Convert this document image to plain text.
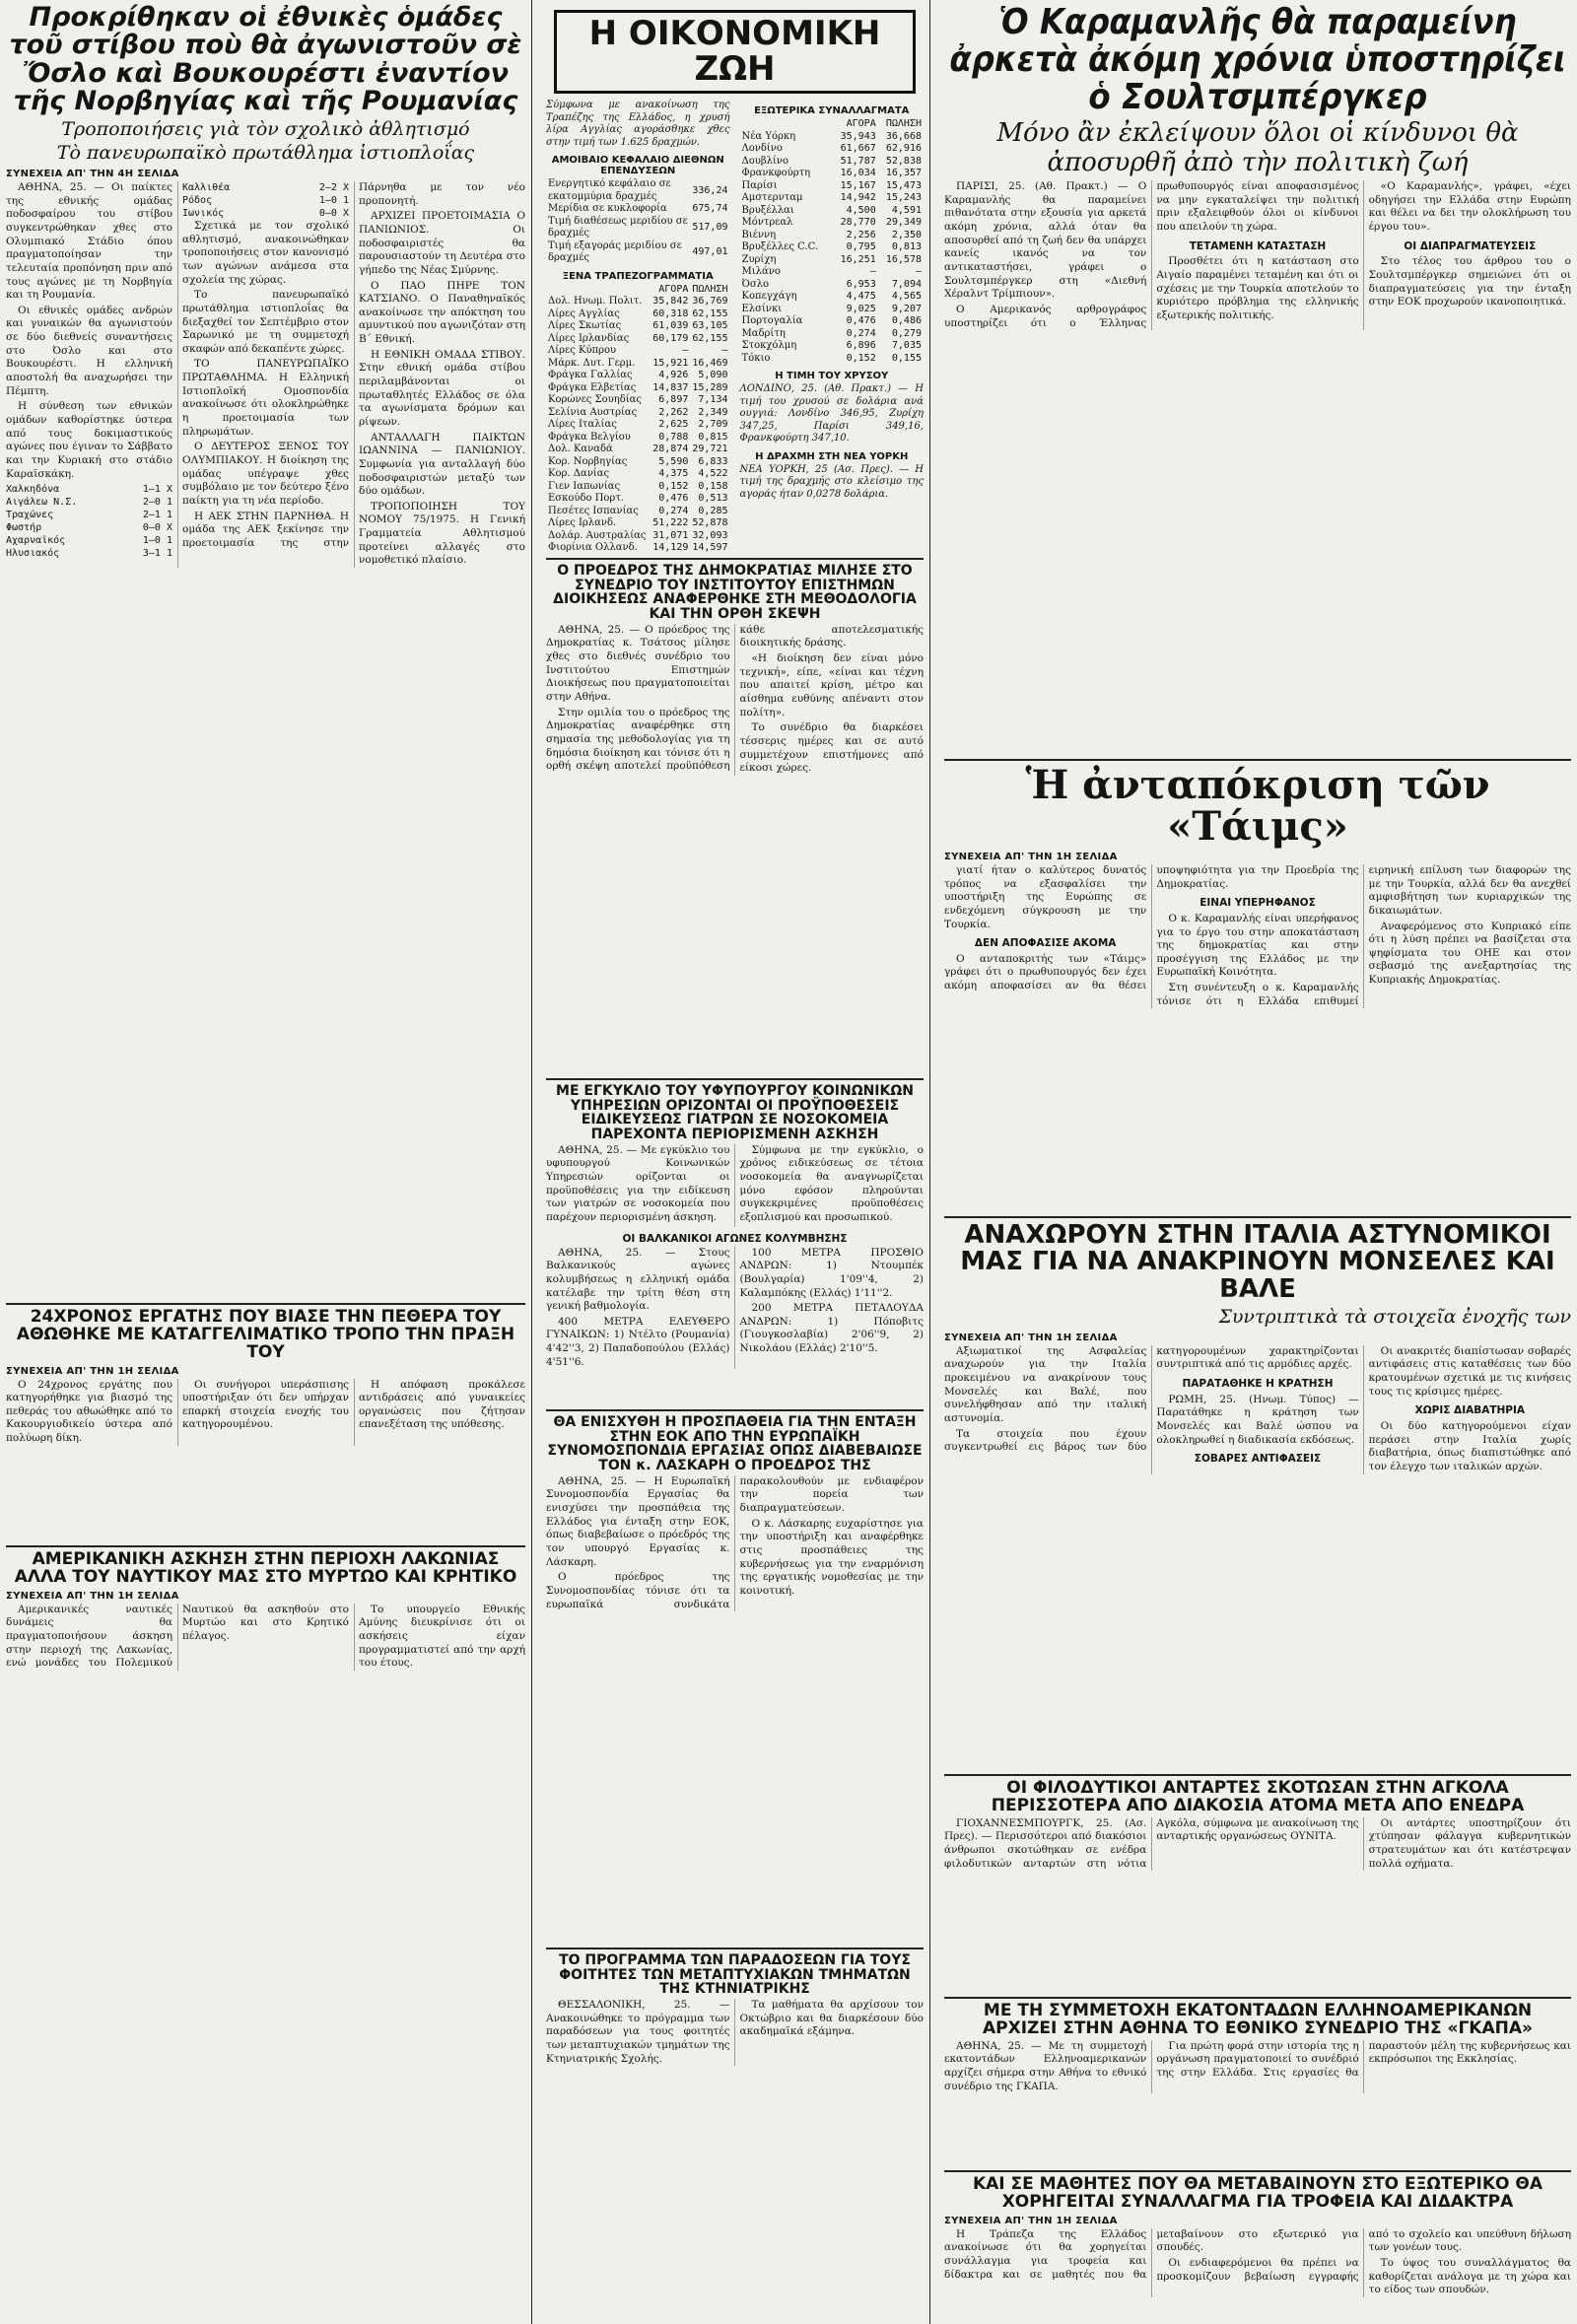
Προκρίθηκαν οἱ ἐθνικὲς ὁμάδες τοῦ στίβου ποὺ θὰ ἀγωνιστοῦν σὲ Ὄσλο καὶ Βουκουρέστι ἐναντίον τῆς Νορβηγίας καὶ τῆς Ρουμανίας
Τροποποιήσεις γιὰ τὸν σχολικὸ ἀθλητισμό
Τὸ πανευρωπαϊκὸ πρωτάθλημα ἱστιοπλοΐας
ΣΥΝΕΧΕΙΑ ΑΠ' ΤΗΝ 4Η ΣΕΛΙΔΑ

ΑΘΗΝΑ, 25. — Οι παίκτες της εθνικής ομάδας ποδοσφαίρου του στίβου συγκεντρώθηκαν χθες στο Ολυμπιακό Στάδιο όπου πραγματοποίησαν την τελευταία προπόνηση πριν από τους αγώνες με τη Νορβηγία και τη Ρουμανία.

Οι εθνικές ομάδες ανδρών και γυναικών θα αγωνιστούν σε δύο διεθνείς συναντήσεις στο Όσλο και στο Βουκουρέστι. Η ελληνική αποστολή θα αναχωρήσει την Πέμπτη.

Η σύνθεση των εθνικών ομάδων καθορίστηκε ύστερα από τους δοκιμαστικούς αγώνες που έγιναν το Σάββατο και την Κυριακή στο στάδιο Καραϊσκάκη.

Χαλκηδόνα	1—1 Χ
Αιγάλεω Ν.Σ.	2—0 1
Τραχώνες	2—1 1
Φωστήρ	0—0 Χ
Αχαρναϊκός	1—0 1
Ηλυσιακός	3—1 1
Καλλιθέα	2—2 Χ
Ρόδος	1—0 1
Ιωνικός	0—0 Χ

Σχετικά με τον σχολικό αθλητισμό, ανακοινώθηκαν τροποποιήσεις στον κανονισμό των αγώνων ανάμεσα στα σχολεία της χώρας.

Το πανευρωπαϊκό πρωτάθλημα ιστιοπλοΐας θα διεξαχθεί τον Σεπτέμβριο στον Σαρωνικό με τη συμμετοχή σκαφών από δεκαπέντε χώρες.

ΤΟ ΠΑΝΕΥΡΩΠΑΪΚΟ ΠΡΩΤΑΘΛΗΜΑ. Η Ελληνική Ιστιοπλοϊκή Ομοσπονδία ανακοίνωσε ότι ολοκληρώθηκε η προετοιμασία των πληρωμάτων.

Ο ΔΕΥΤΕΡΟΣ ΞΕΝΟΣ ΤΟΥ ΟΛΥΜΠΙΑΚΟΥ. Η διοίκηση της ομάδας υπέγραψε χθες συμβόλαιο με τον δεύτερο ξένο παίκτη για τη νέα περίοδο.

Η ΑΕΚ ΣΤΗΝ ΠΑΡΝΗΘΑ. Η ομάδα της ΑΕΚ ξεκίνησε την προετοιμασία της στην Πάρνηθα με τον νέο προπονητή.

ΑΡΧΙΖΕΙ ΠΡΟΕΤΟΙΜΑΣΙΑ Ο ΠΑΝΙΩΝΙΟΣ. Οι ποδοσφαιριστές θα παρουσιαστούν τη Δευτέρα στο γήπεδο της Νέας Σμύρνης.

Ο ΠΑΟ ΠΗΡΕ ΤΟΝ ΚΑΤΣΙΑΝΟ. Ο Παναθηναϊκός ανακοίνωσε την απόκτηση του αμυντικού που αγωνιζόταν στη Β΄ Εθνική.

Η ΕΘΝΙΚΗ ΟΜΑΔΑ ΣΤΙΒΟΥ. Στην εθνική ομάδα στίβου περιλαμβάνονται οι πρωταθλητές Ελλάδος σε όλα τα αγωνίσματα δρόμων και ρίψεων.

ΑΝΤΑΛΛΑΓΗ ΠΑΙΚΤΩΝ ΙΩΑΝΝΙΝΑ — ΠΑΝΙΩΝΙΟΥ. Συμφωνία για ανταλλαγή δύο ποδοσφαιριστών μεταξύ των δύο ομάδων.

ΤΡΟΠΟΠΟΙΗΣΗ ΤΟΥ ΝΟΜΟΥ 75/1975. Η Γενική Γραμματεία Αθλητισμού προτείνει αλλαγές στο νομοθετικό πλαίσιο.

24ΧΡΟΝΟΣ ΕΡΓΑΤΗΣ ΠΟΥ ΒΙΑΣΕ ΤΗΝ ΠΕΘΕΡΑ ΤΟΥ ΑΘΩΘΗΚΕ ΜΕ ΚΑΤΑΓΓΕΛΙΜΑΤΙΚΟ ΤΡΟΠΟ ΤΗΝ ΠΡΑΞΗ ΤΟΥ
ΣΥΝΕΧΕΙΑ ΑΠ' ΤΗΝ 1Η ΣΕΛΙΔΑ

Ο 24χρονος εργάτης που κατηγορήθηκε για βιασμό της πεθεράς του αθωώθηκε από το Κακουργιοδικείο ύστερα από πολύωρη δίκη.

Οι συνήγοροι υπεράσπισης υποστήριξαν ότι δεν υπήρχαν επαρκή στοιχεία ενοχής του κατηγορουμένου.

Η απόφαση προκάλεσε αντιδράσεις από γυναικείες οργανώσεις που ζήτησαν επανεξέταση της υπόθεσης.

ΑΜΕΡΙΚΑΝΙΚΗ ΑΣΚΗΣΗ ΣΤΗΝ ΠΕΡΙΟΧΗ ΛΑΚΩΝΙΑΣ ΑΛΛΑ ΤΟΥ ΝΑΥΤΙΚΟΥ ΜΑΣ ΣΤΟ ΜΥΡΤΩΟ ΚΑΙ ΚΡΗΤΙΚΟ
ΣΥΝΕΧΕΙΑ ΑΠ' ΤΗΝ 1Η ΣΕΛΙΔΑ

Αμερικανικές ναυτικές δυνάμεις θα πραγματοποιήσουν άσκηση στην περιοχή της Λακωνίας, ενώ μονάδες του Πολεμικού Ναυτικού θα ασκηθούν στο Μυρτώο και στο Κρητικό πέλαγος.

Το υπουργείο Εθνικής Αμύνης διευκρίνισε ότι οι ασκήσεις είχαν προγραμματιστεί από την αρχή του έτους.

Η ΟΙΚΟΝΟΜΙΚΗ ΖΩΗ
Σύμφωνα με ανακοίνωση της Τραπέζης της Ελλάδος, η χρυσή λίρα Αγγλίας αγοράσθηκε χθες στην τιμή των 1.625 δραχμών.
ΑΜΟΙΒΑΙΟ ΚΕΦΑΛΑΙΟ ΔΙΕΘΝΩΝ ΕΠΕΝΔΥΣΕΩΝ
Ενεργητικό κεφάλαιο σε εκατομμύρια δραχμές	336,24
Μερίδια σε κυκλοφορία	675,74
Τιμή διαθέσεως μεριδίου σε δραχμές	517,09
Τιμή εξαγοράς μεριδίου σε δραχμές	497,01
ΞΕΝΑ ΤΡΑΠΕΖΟΓΡΑΜΜΑΤΙΑ
	ΑΓΟΡΑ	ΠΩΛΗΣΗ
Δολ. Ηνωμ. Πολιτ.	35,842	36,769
Λίρες Αγγλίας	60,318	62,155
Λίρες Σκωτίας	61,039	63,105
Λίρες Ιρλανδίας	60,179	62,155
Λίρες Κύπρου	—	—
Μάρκ. Δυτ. Γερμ.	15,921	16,469
Φράγκα Γαλλίας	4,926	5,090
Φράγκα Ελβετίας	14,837	15,289
Κορώνες Σουηδίας	6,897	7,134
Σελίνια Αυστρίας	2,262	2,349
Λίρες Ιταλίας	2,625	2,709
Φράγκα Βελγίου	0,788	0,815
Δολ. Καναδά	28,874	29,721
Κορ. Νορβηγίας	5,590	6,833
Κορ. Δανίας	4,375	4,522
Γιεν Ιαπωνίας	0,152	0,158
Εσκούδο Πορτ.	0,476	0,513
Πεσέτες Ισπανίας	0,274	0,285
Λίρες Ιρλανδ.	51,222	52,878
Δολάρ. Αυστραλίας	31,071	32,093
Φιορίνια Ολλανδ.	14,129	14,597

ΕΞΩΤΕΡΙΚΑ ΣΥΝΑΛΛΑΓΜΑΤΑ
	ΑΓΟΡΑ	ΠΩΛΗΣΗ
Νέα Υόρκη	35,943	36,668
Λονδίνο	61,667	62,916
Δουβλίνο	51,787	52,838
Φρανκφούρτη	16,034	16,357
Παρίσι	15,167	15,473
Αμστερνταμ	14,942	15,243
Βρυξέλλαι	4,500	4,591
Μόντρεαλ	28,770	29,349
Βιέννη	2,256	2,350
Βρυξέλλες C.C.	0,795	0,813
Ζυρίχη	16,251	16,578
Μιλάνο	—	—
Όσλο	6,953	7,094
Κοπεγχάγη	4,475	4,565
Ελσίνκι	9,025	9,207
Πορτογαλία	0,476	0,486
Μαδρίτη	0,274	0,279
Στοκχόλμη	6,896	7,035
Τόκιο	0,152	0,155
Η ΤΙΜΗ ΤΟΥ ΧΡΥΣΟΥ
ΛΟΝΔΙΝΟ, 25. (Αθ. Πρακτ.) — Η τιμή του χρυσού σε δολάρια ανά ουγγιά: Λονδίνο 346,95, Ζυρίχη 347,25, Παρίσι 349,16, Φρανκφούρτη 347,10.
Η ΔΡΑΧΜΗ ΣΤΗ ΝΕΑ ΥΟΡΚΗ
ΝΕΑ ΥΟΡΚΗ, 25 (Ασ. Πρες). — Η τιμή της δραχμής στο κλείσιμο της αγοράς ήταν 0,0278 δολάρια.
Ο ΠΡΟΕΔΡΟΣ ΤΗΣ ΔΗΜΟΚΡΑΤΙΑΣ ΜΙΛΗΣΕ ΣΤΟ ΣΥΝΕΔΡΙΟ ΤΟΥ ΙΝΣΤΙΤΟΥΤΟΥ ΕΠΙΣΤΗΜΩΝ ΔΙΟΙΚΗΣΕΩΣ ΑΝΑΦΕΡΘΗΚΕ ΣΤΗ ΜΕΘΟΔΟΛΟΓΙΑ ΚΑΙ ΤΗΝ ΟΡΘΗ ΣΚΕΨΗ

ΑΘΗΝΑ, 25. — Ο πρόεδρος της Δημοκρατίας κ. Τσάτσος μίλησε χθες στο διεθνές συνέδριο του Ινστιτούτου Επιστημών Διοικήσεως που πραγματοποιείται στην Αθήνα.

Στην ομιλία του ο πρόεδρος της Δημοκρατίας αναφέρθηκε στη σημασία της μεθοδολογίας για τη δημόσια διοίκηση και τόνισε ότι η ορθή σκέψη αποτελεί προϋπόθεση κάθε αποτελεσματικής διοικητικής δράσης.

«Η διοίκηση δεν είναι μόνο τεχνική», είπε, «είναι και τέχνη που απαιτεί κρίση, μέτρο και αίσθημα ευθύνης απέναντι στον πολίτη».

Το συνέδριο θα διαρκέσει τέσσερις ημέρες και σε αυτό συμμετέχουν επιστήμονες από είκοσι χώρες.

ΜΕ ΕΓΚΥΚΛΙΟ ΤΟΥ ΥΦΥΠΟΥΡΓΟΥ ΚΟΙΝΩΝΙΚΩΝ ΥΠΗΡΕΣΙΩΝ ΟΡΙΖΟΝΤΑΙ ΟΙ ΠΡΟΫΠΟΘΕΣΕΙΣ ΕΙΔΙΚΕΥΣΕΩΣ ΓΙΑΤΡΩΝ ΣΕ ΝΟΣΟΚΟΜΕΙΑ ΠΑΡΕΧΟΝΤΑ ΠΕΡΙΟΡΙΣΜΕΝΗ ΑΣΚΗΣΗ

ΑΘΗΝΑ, 25. — Με εγκύκλιο του υφυπουργού Κοινωνικών Υπηρεσιών ορίζονται οι προϋποθέσεις για την ειδίκευση των γιατρών σε νοσοκομεία που παρέχουν περιορισμένη άσκηση.

Σύμφωνα με την εγκύκλιο, ο χρόνος ειδικεύσεως σε τέτοια νοσοκομεία θα αναγνωρίζεται μόνο εφόσον πληρούνται συγκεκριμένες προϋποθέσεις εξοπλισμού και προσωπικού.

ΟΙ ΒΑΛΚΑΝΙΚΟΙ ΑΓΩΝΕΣ ΚΟΛΥΜΒΗΣΗΣ

ΑΘΗΝΑ, 25. — Στους Βαλκανικούς αγώνες κολυμβήσεως η ελληνική ομάδα κατέλαβε την τρίτη θέση στη γενική βαθμολογία.

400 ΜΕΤΡΑ ΕΛΕΥΘΕΡΟ ΓΥΝΑΙΚΩΝ: 1) Ντέλτο (Ρουμανία) 4'42''3, 2) Παπαδοπούλου (Ελλάς) 4'51''6.

100 ΜΕΤΡΑ ΠΡΟΣΘΙΟ ΑΝΔΡΩΝ: 1) Ντουμπέκ (Βουλγαρία) 1'09''4, 2) Καλαμπόκης (Ελλάς) 1'11''2.

200 ΜΕΤΡΑ ΠΕΤΑΛΟΥΔΑ ΑΝΔΡΩΝ: 1) Πόποβιτς (Γιουγκοσλαβία) 2'06''9, 2) Νικολάου (Ελλάς) 2'10''5.

ΘΑ ΕΝΙΣΧΥΘΗ Η ΠΡΟΣΠΑΘΕΙΑ ΓΙΑ ΤΗΝ ΕΝΤΑΞΗ ΣΤΗΝ ΕΟΚ ΑΠΟ ΤΗΝ ΕΥΡΩΠΑΪΚΗ ΣΥΝΟΜΟΣΠΟΝΔΙΑ ΕΡΓΑΣΙΑΣ ΟΠΩΣ ΔΙΑΒΕΒΑΙΩΣΕ ΤΟΝ κ. ΛΑΣΚΑΡΗ Ο ΠΡΟΕΔΡΟΣ ΤΗΣ

ΑΘΗΝΑ, 25. — Η Ευρωπαϊκή Συνομοσπονδία Εργασίας θα ενισχύσει την προσπάθεια της Ελλάδος για ένταξη στην ΕΟΚ, όπως διαβεβαίωσε ο πρόεδρός της τον υπουργό Εργασίας κ. Λάσκαρη.

Ο πρόεδρος της Συνομοσπονδίας τόνισε ότι τα ευρωπαϊκά συνδικάτα παρακολουθούν με ενδιαφέρον την πορεία των διαπραγματεύσεων.

Ο κ. Λάσκαρης ευχαρίστησε για την υποστήριξη και αναφέρθηκε στις προσπάθειες της κυβερνήσεως για την εναρμόνιση της εργατικής νομοθεσίας με την κοινοτική.

ΤΟ ΠΡΟΓΡΑΜΜΑ ΤΩΝ ΠΑΡΑΔΟΣΕΩΝ ΓΙΑ ΤΟΥΣ ΦΟΙΤΗΤΕΣ ΤΩΝ ΜΕΤΑΠΤΥΧΙΑΚΩΝ ΤΜΗΜΑΤΩΝ ΤΗΣ ΚΤΗΝΙΑΤΡΙΚΗΣ

ΘΕΣΣΑΛΟΝΙΚΗ, 25. — Ανακοινώθηκε το πρόγραμμα των παραδόσεων για τους φοιτητές των μεταπτυχιακών τμημάτων της Κτηνιατρικής Σχολής.

Τα μαθήματα θα αρχίσουν τον Οκτώβριο και θα διαρκέσουν δύο ακαδημαϊκά εξάμηνα.

Ὁ Καραμανλῆς θὰ παραμείνη ἀρκετὰ ἀκόμη χρόνια ὑποστηρίζει ὁ Σουλτσμπέργκερ
Μόνο ἂν ἐκλείψουν ὅλοι οἱ κίνδυνοι θὰ ἀποσυρθῆ ἀπὸ τὴν πολιτικὴ ζωή

ΠΑΡΙΣΙ, 25. (Αθ. Πρακτ.) — Ο Καραμανλής θα παραμείνει πιθανότατα στην εξουσία για αρκετά ακόμη χρόνια, αλλά όταν θα αποσυρθεί από τη ζωή δεν θα υπάρχει κανείς ικανός να τον αντικαταστήσει, γράφει ο Σουλτσμπέργκερ στη «Διεθνή Χέραλντ Τρίμπιουν».

Ο Αμερικανός αρθρογράφος υποστηρίζει ότι ο Έλληνας πρωθυπουργός είναι αποφασισμένος να μην εγκαταλείψει την πολιτική πριν εξαλειφθούν όλοι οι κίνδυνοι που απειλούν τη χώρα.

ΤΕΤΑΜΕΝΗ ΚΑΤΑΣΤΑΣΗ

Προσθέτει ότι η κατάσταση στο Αιγαίο παραμένει τεταμένη και ότι οι σχέσεις με την Τουρκία αποτελούν το κυριότερο πρόβλημα της ελληνικής εξωτερικής πολιτικής.

«Ο Καραμανλής», γράφει, «έχει οδηγήσει την Ελλάδα στην Ευρώπη και θέλει να δει την ολοκλήρωση του έργου του».

ΟΙ ΔΙΑΠΡΑΓΜΑΤΕΥΣΕΙΣ

Στο τέλος του άρθρου του ο Σουλτσμπέργκερ σημειώνει ότι οι διαπραγματεύσεις για την ένταξη στην ΕΟΚ προχωρούν ικανοποιητικά.

Ἡ ἀνταπόκριση τῶν «Τάιμς»
ΣΥΝΕΧΕΙΑ ΑΠ' ΤΗΝ 1Η ΣΕΛΙΔΑ

γιατί ήταν ο καλύτερος δυνατός τρόπος να εξασφαλίσει την υποστήριξη της Ευρώπης σε ενδεχόμενη σύγκρουση με την Τουρκία.

ΔΕΝ ΑΠΟΦΑΣΙΣΕ ΑΚΟΜΑ

Ο ανταποκριτής των «Τάιμς» γράφει ότι ο πρωθυπουργός δεν έχει ακόμη αποφασίσει αν θα θέσει υποψηφιότητα για την Προεδρία της Δημοκρατίας.

ΕΙΝΑΙ ΥΠΕΡΗΦΑΝΟΣ

Ο κ. Καραμανλής είναι υπερήφανος για το έργο του στην αποκατάσταση της δημοκρατίας και στην προσέγγιση της Ελλάδος με την Ευρωπαϊκή Κοινότητα.

Στη συνέντευξη ο κ. Καραμανλής τόνισε ότι η Ελλάδα επιθυμεί ειρηνική επίλυση των διαφορών της με την Τουρκία, αλλά δεν θα ανεχθεί αμφισβήτηση των κυριαρχικών της δικαιωμάτων.

Αναφερόμενος στο Κυπριακό είπε ότι η λύση πρέπει να βασίζεται στα ψηφίσματα του ΟΗΕ και στον σεβασμό της ανεξαρτησίας της Κυπριακής Δημοκρατίας.

ΑΝΑΧΩΡΟΥΝ ΣΤΗΝ ΙΤΑΛΙΑ ΑΣΤΥΝΟΜΙΚΟΙ ΜΑΣ ΓΙΑ ΝΑ ΑΝΑΚΡΙΝΟΥΝ ΜΟΝΣΕΛΕΣ ΚΑΙ ΒΑΛΕ
Συντριπτικὰ τὰ στοιχεῖα ἐνοχῆς των
ΣΥΝΕΧΕΙΑ ΑΠ' ΤΗΝ 1Η ΣΕΛΙΔΑ

Αξιωματικοί της Ασφαλείας αναχωρούν για την Ιταλία προκειμένου να ανακρίνουν τους Μονσελές και Βαλέ, που συνελήφθησαν από την ιταλική αστυνομία.

Τα στοιχεία που έχουν συγκεντρωθεί εις βάρος των δύο κατηγορουμένων χαρακτηρίζονται συντριπτικά από τις αρμόδιες αρχές.

ΠΑΡΑΤΑΘΗΚΕ Η ΚΡΑΤΗΣΗ

ΡΩΜΗ, 25. (Ηνωμ. Τύπος) — Παρατάθηκε η κράτηση των Μονσελές και Βαλέ ώσπου να ολοκληρωθεί η διαδικασία εκδόσεως.

ΣΟΒΑΡΕΣ ΑΝΤΙΦΑΣΕΙΣ

Οι ανακριτές διαπίστωσαν σοβαρές αντιφάσεις στις καταθέσεις των δύο κρατουμένων σχετικά με τις κινήσεις τους τις κρίσιμες ημέρες.

ΧΩΡΙΣ ΔΙΑΒΑΤΗΡΙΑ

Οι δύο κατηγορούμενοι είχαν περάσει στην Ιταλία χωρίς διαβατήρια, όπως διαπιστώθηκε από τον έλεγχο των ιταλικών αρχών.

ΟΙ ΦΙΛΟΔΥΤΙΚΟΙ ΑΝΤΑΡΤΕΣ ΣΚΟΤΩΣΑΝ ΣΤΗΝ ΑΓΚΟΛΑ ΠΕΡΙΣΣΟΤΕΡΑ ΑΠΟ ΔΙΑΚΟΣΙΑ ΑΤΟΜΑ ΜΕΤΑ ΑΠΟ ΕΝΕΔΡΑ

ΓΙΟΧΑΝΝΕΣΜΠΟΥΡΓΚ, 25. (Ασ. Πρες). — Περισσότεροι από διακόσιοι άνθρωποι σκοτώθηκαν σε ενέδρα φιλοδυτικών ανταρτών στη νότια Αγκόλα, σύμφωνα με ανακοίνωση της ανταρτικής οργανώσεως ΟΥΝΙΤΑ.

Οι αντάρτες υποστηρίζουν ότι χτύπησαν φάλαγγα κυβερνητικών στρατευμάτων και ότι κατέστρεψαν πολλά οχήματα.

ΜΕ ΤΗ ΣΥΜΜΕΤΟΧΗ ΕΚΑΤΟΝΤΑΔΩΝ ΕΛΛΗΝΟΑΜΕΡΙΚΑΝΩΝ ΑΡΧΙΖΕΙ ΣΤΗΝ ΑΘΗΝΑ ΤΟ ΕΘΝΙΚΟ ΣΥΝΕΔΡΙΟ ΤΗΣ «ΓΚΑΠΑ»

ΑΘΗΝΑ, 25. — Με τη συμμετοχή εκατοντάδων Ελληνοαμερικανών αρχίζει σήμερα στην Αθήνα το εθνικό συνέδριο της ΓΚΑΠΑ.

Για πρώτη φορά στην ιστορία της η οργάνωση πραγματοποιεί το συνέδριό της στην Ελλάδα. Στις εργασίες θα παραστούν μέλη της κυβερνήσεως και εκπρόσωποι της Εκκλησίας.

ΚΑΙ ΣΕ ΜΑΘΗΤΕΣ ΠΟΥ ΘΑ ΜΕΤΑΒΑΙΝΟΥΝ ΣΤΟ ΕΞΩΤΕΡΙΚΟ ΘΑ ΧΟΡΗΓΕΙΤΑΙ ΣΥΝΑΛΛΑΓΜΑ ΓΙΑ ΤΡΟΦΕΙΑ ΚΑΙ ΔΙΔΑΚΤΡΑ
ΣΥΝΕΧΕΙΑ ΑΠ' ΤΗΝ 1Η ΣΕΛΙΔΑ

Η Τράπεζα της Ελλάδος ανακοίνωσε ότι θα χορηγείται συνάλλαγμα για τροφεία και δίδακτρα και σε μαθητές που θα μεταβαίνουν στο εξωτερικό για σπουδές.

Οι ενδιαφερόμενοι θα πρέπει να προσκομίζουν βεβαίωση εγγραφής από το σχολείο και υπεύθυνη δήλωση των γονέων τους.

Το ύψος του συναλλάγματος θα καθορίζεται ανάλογα με τη χώρα και το είδος των σπουδών.
